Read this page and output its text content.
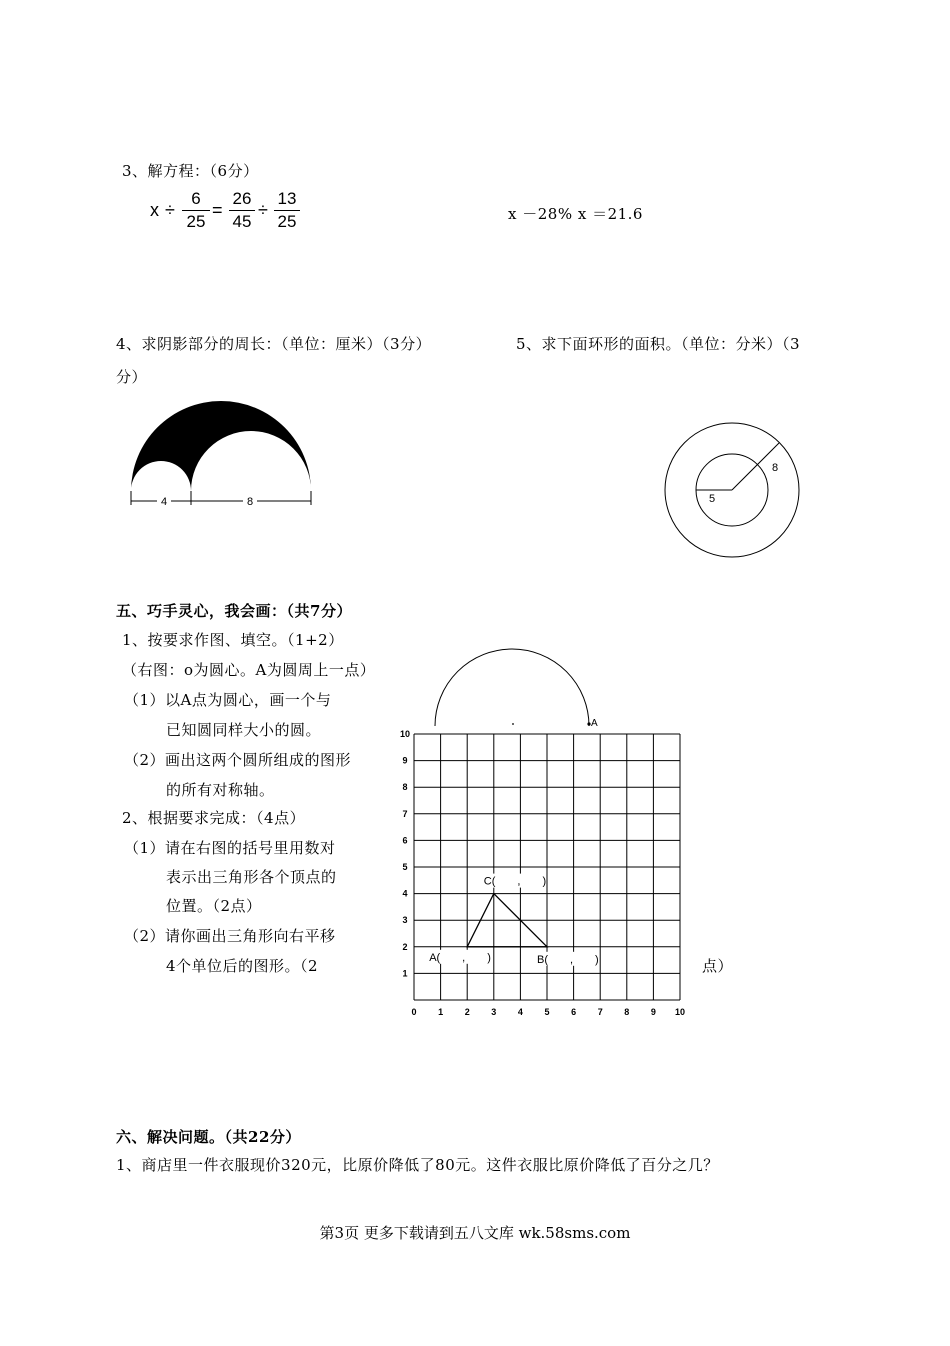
3、解方程：（6分）
x ÷
6
25
=
26
45
÷
13
25	x －28% x ＝21.6
4、求阴影部分的周长：（单位：厘米）（3分）	5、求下面环形的面积。（单位：分米）（3
分）
4	8
8
5
五、巧手灵心，我会画：（共7分）
1、按要求作图、填空。（1+2）
（右图：o为圆心。A为圆周上一点）
（1）以A点为圆心，画一个与
已知圆同样大小的圆。
（2）画出这两个圆所组成的图形
的所有对称轴。
2、根据要求完成：（4点）
（1）请在右图的括号里用数对
表示出三角形各个顶点的
位置。（2点）
（2）请你画出三角形向右平移
4个单位后的图形。（2	点）
A
0 1 2 3 4 5 6 7 8 9 10
1
2
3
4
5
6
7
8
9
10
A(　　,　　)	B(　　,　　)
C(　　,　　)
六、解决问题。（共22分）
1、商店里一件衣服现价320元，比原价降低了80元。这件衣服比原价降低了百分之几？
第3页 更多下载请到五八文库 wk.58sms.com
